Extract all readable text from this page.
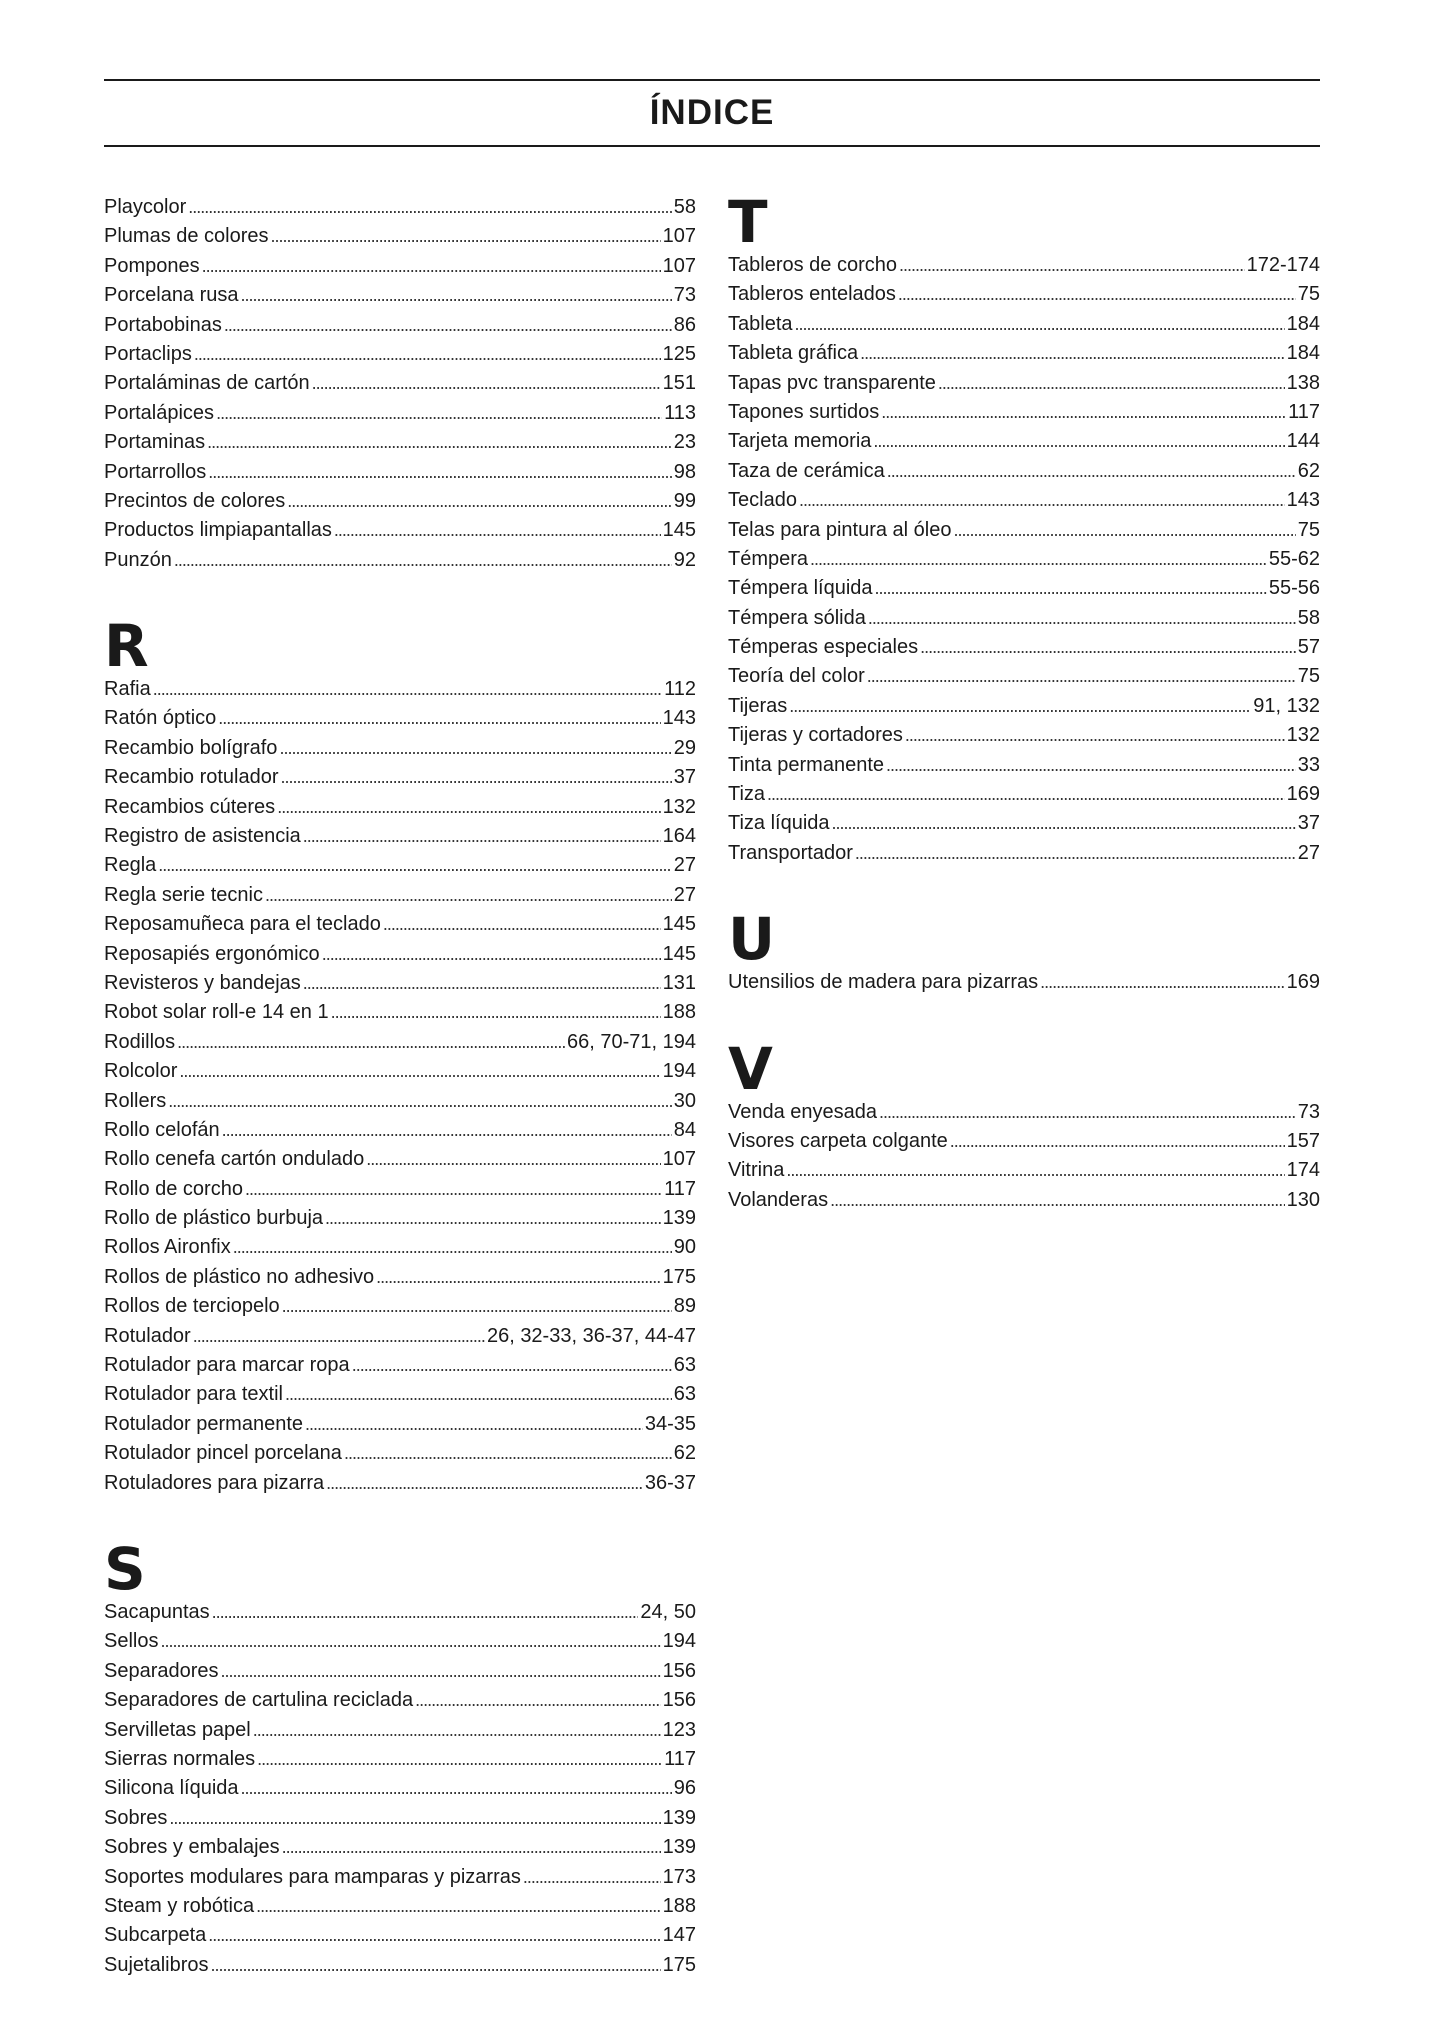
ÍNDICE
Playcolor . . .	58
Plumas de colores . . .	107
Pompones . . .	107
Porcelana rusa . . .	73
Portabobinas . . .	86
Portaclips . . .	125
Portaláminas de cartón . . .	151
Portalápices . . .	113
Portaminas . . .	23
Portarrollos . . .	98
Precintos de colores . . .	99
Productos limpiapantallas . . .	145
Punzón . . .	92
R
Rafia . . .	112
Ratón óptico . . .	143
Recambio bolígrafo . . .	29
Recambio rotulador . . .	37
Recambios cúteres . . .	132
Registro de asistencia . . .	164
Regla . . .	27
Regla serie tecnic . . .	27
Reposamuñeca para el teclado . . .	145
Reposapiés ergonómico . . .	145
Revisteros y bandejas . . .	131
Robot solar roll-e 14 en 1 . . .	188
Rodillos . . .	66, 70-71, 194
Rolcolor . . .	194
Rollers . . .	30
Rollo celofán . . .	84
Rollo cenefa cartón ondulado . . .	107
Rollo de corcho . . .	117
Rollo de plástico burbuja . . .	139
Rollos Aironfix . . .	90
Rollos de plástico no adhesivo . . .	175
Rollos de terciopelo . . .	89
Rotulador . . .	26, 32-33, 36-37, 44-47
Rotulador para marcar ropa . . .	63
Rotulador para textil . . .	63
Rotulador permanente . . .	34-35
Rotulador pincel porcelana . . .	62
Rotuladores para pizarra . . .	36-37
S
Sacapuntas . . .	24, 50
Sellos . . .	194
Separadores . . .	156
Separadores de cartulina reciclada . . .	156
Servilletas papel . . .	123
Sierras normales . . .	117
Silicona líquida . . .	96
Sobres . . .	139
Sobres y embalajes . . .	139
Soportes modulares para mamparas y pizarras . . .	173
Steam y robótica . . .	188
Subcarpeta . . .	147
Sujetalibros . . .	175
T
Tableros de corcho . . .	172-174
Tableros entelados . . .	75
Tableta . . .	184
Tableta gráfica . . .	184
Tapas pvc transparente . . .	138
Tapones surtidos . . .	117
Tarjeta memoria . . .	144
Taza de cerámica . . .	62
Teclado . . .	143
Telas para pintura al óleo . . .	75
Témpera . . .	55-62
Témpera líquida . . .	55-56
Témpera sólida . . .	58
Témperas especiales . . .	57
Teoría del color . . .	75
Tijeras . . .	91, 132
Tijeras y cortadores . . .	132
Tinta permanente . . .	33
Tiza . . .	169
Tiza líquida . . .	37
Transportador . . .	27
U
Utensilios de madera para pizarras . . .	169
V
Venda enyesada . . .	73
Visores carpeta colgante . . .	157
Vitrina . . .	174
Volanderas . . .	130
